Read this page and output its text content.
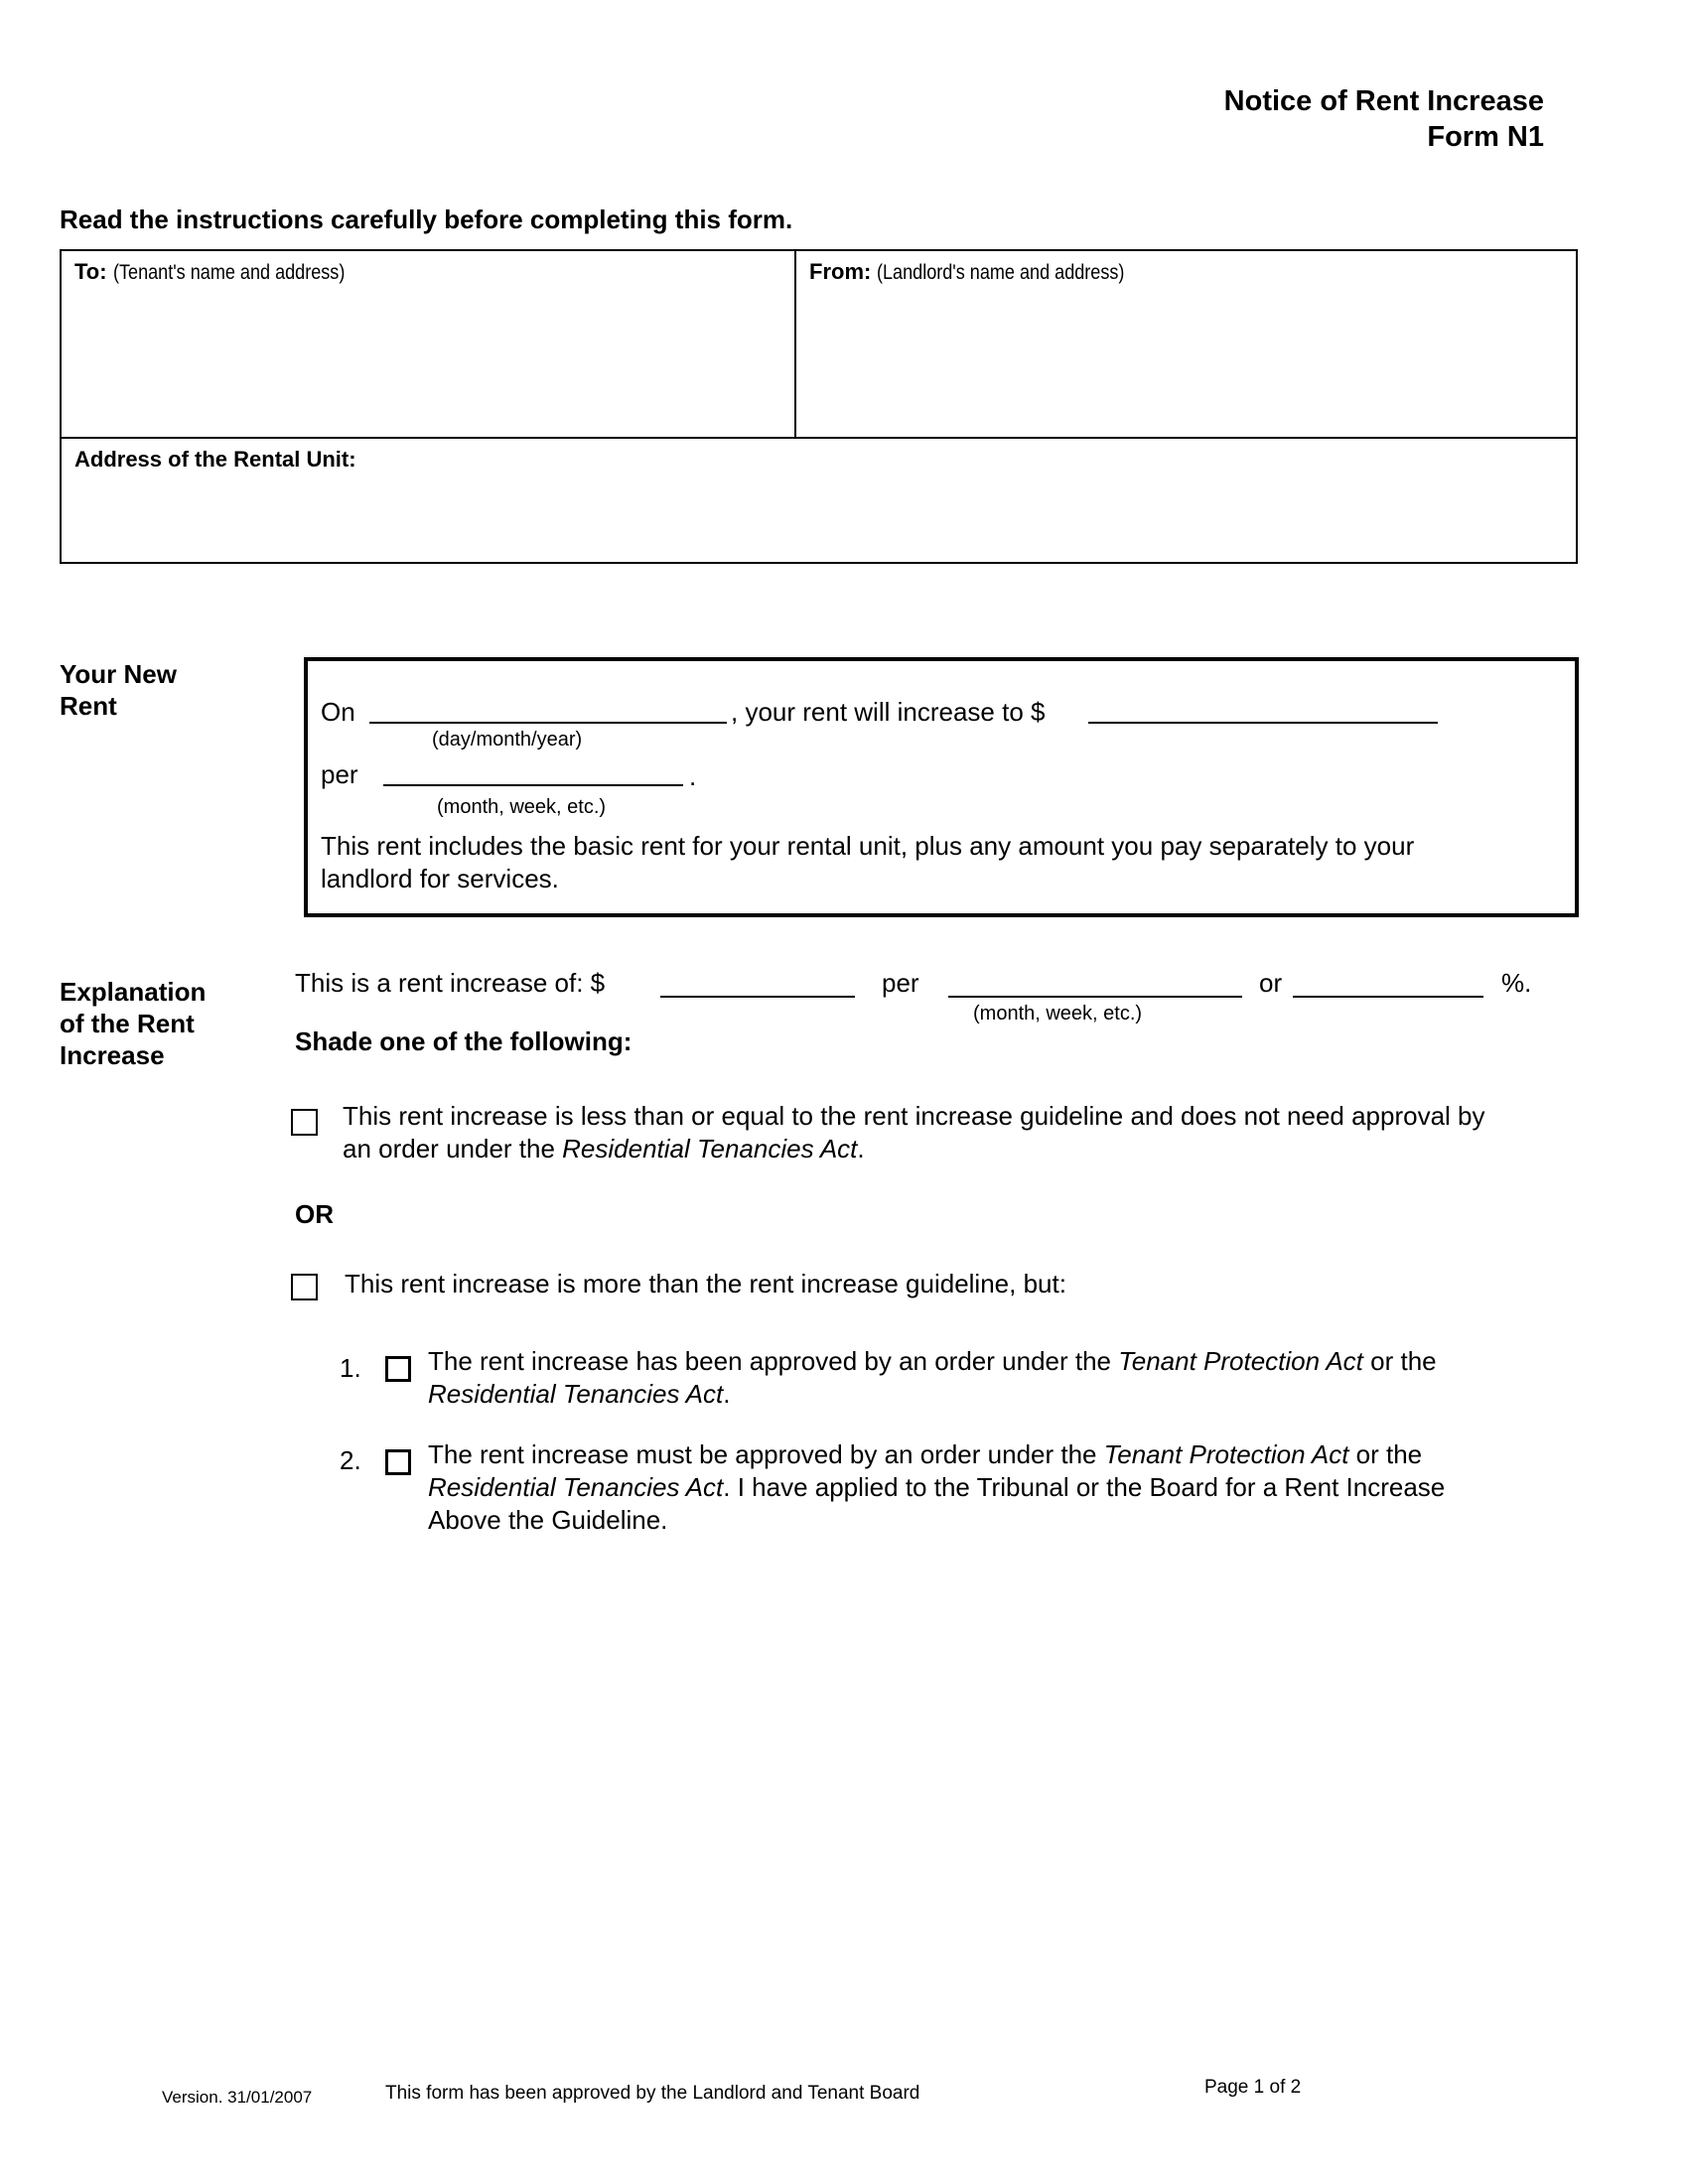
Notice of Rent Increase
Form N1
Read the instructions carefully before completing this form.
To: (Tenant's name and address)	From: (Landlord's name and address)
Address of the Rental Unit:
Your New
Rent	On
(day/month/year)
, your rent will increase to $
per	.
(month, week, etc.)
This rent includes the basic rent for your rental unit, plus any amount you pay separately to your
landlord for services.
Explanation
of the Rent
Increase
This is a rent increase of: $	per
(month, week, etc.)
or	%.
Shade one of the following:
This rent increase is less than or equal to the rent increase guideline and does not need approval by
an order under the Residential Tenancies Act.
OR
This rent increase is more than the rent increase guideline, but:
1.	The rent increase has been approved by an order under the Tenant Protection Act or the
Residential Tenancies Act.
2.	The rent increase must be approved by an order under the Tenant Protection Act or the
Residential Tenancies Act. I have applied to the Tribunal or the Board for a Rent Increase
Above the Guideline.
Version. 31/01/2007	This form has been approved by the Landlord and Tenant Board	Page 1 of 2
